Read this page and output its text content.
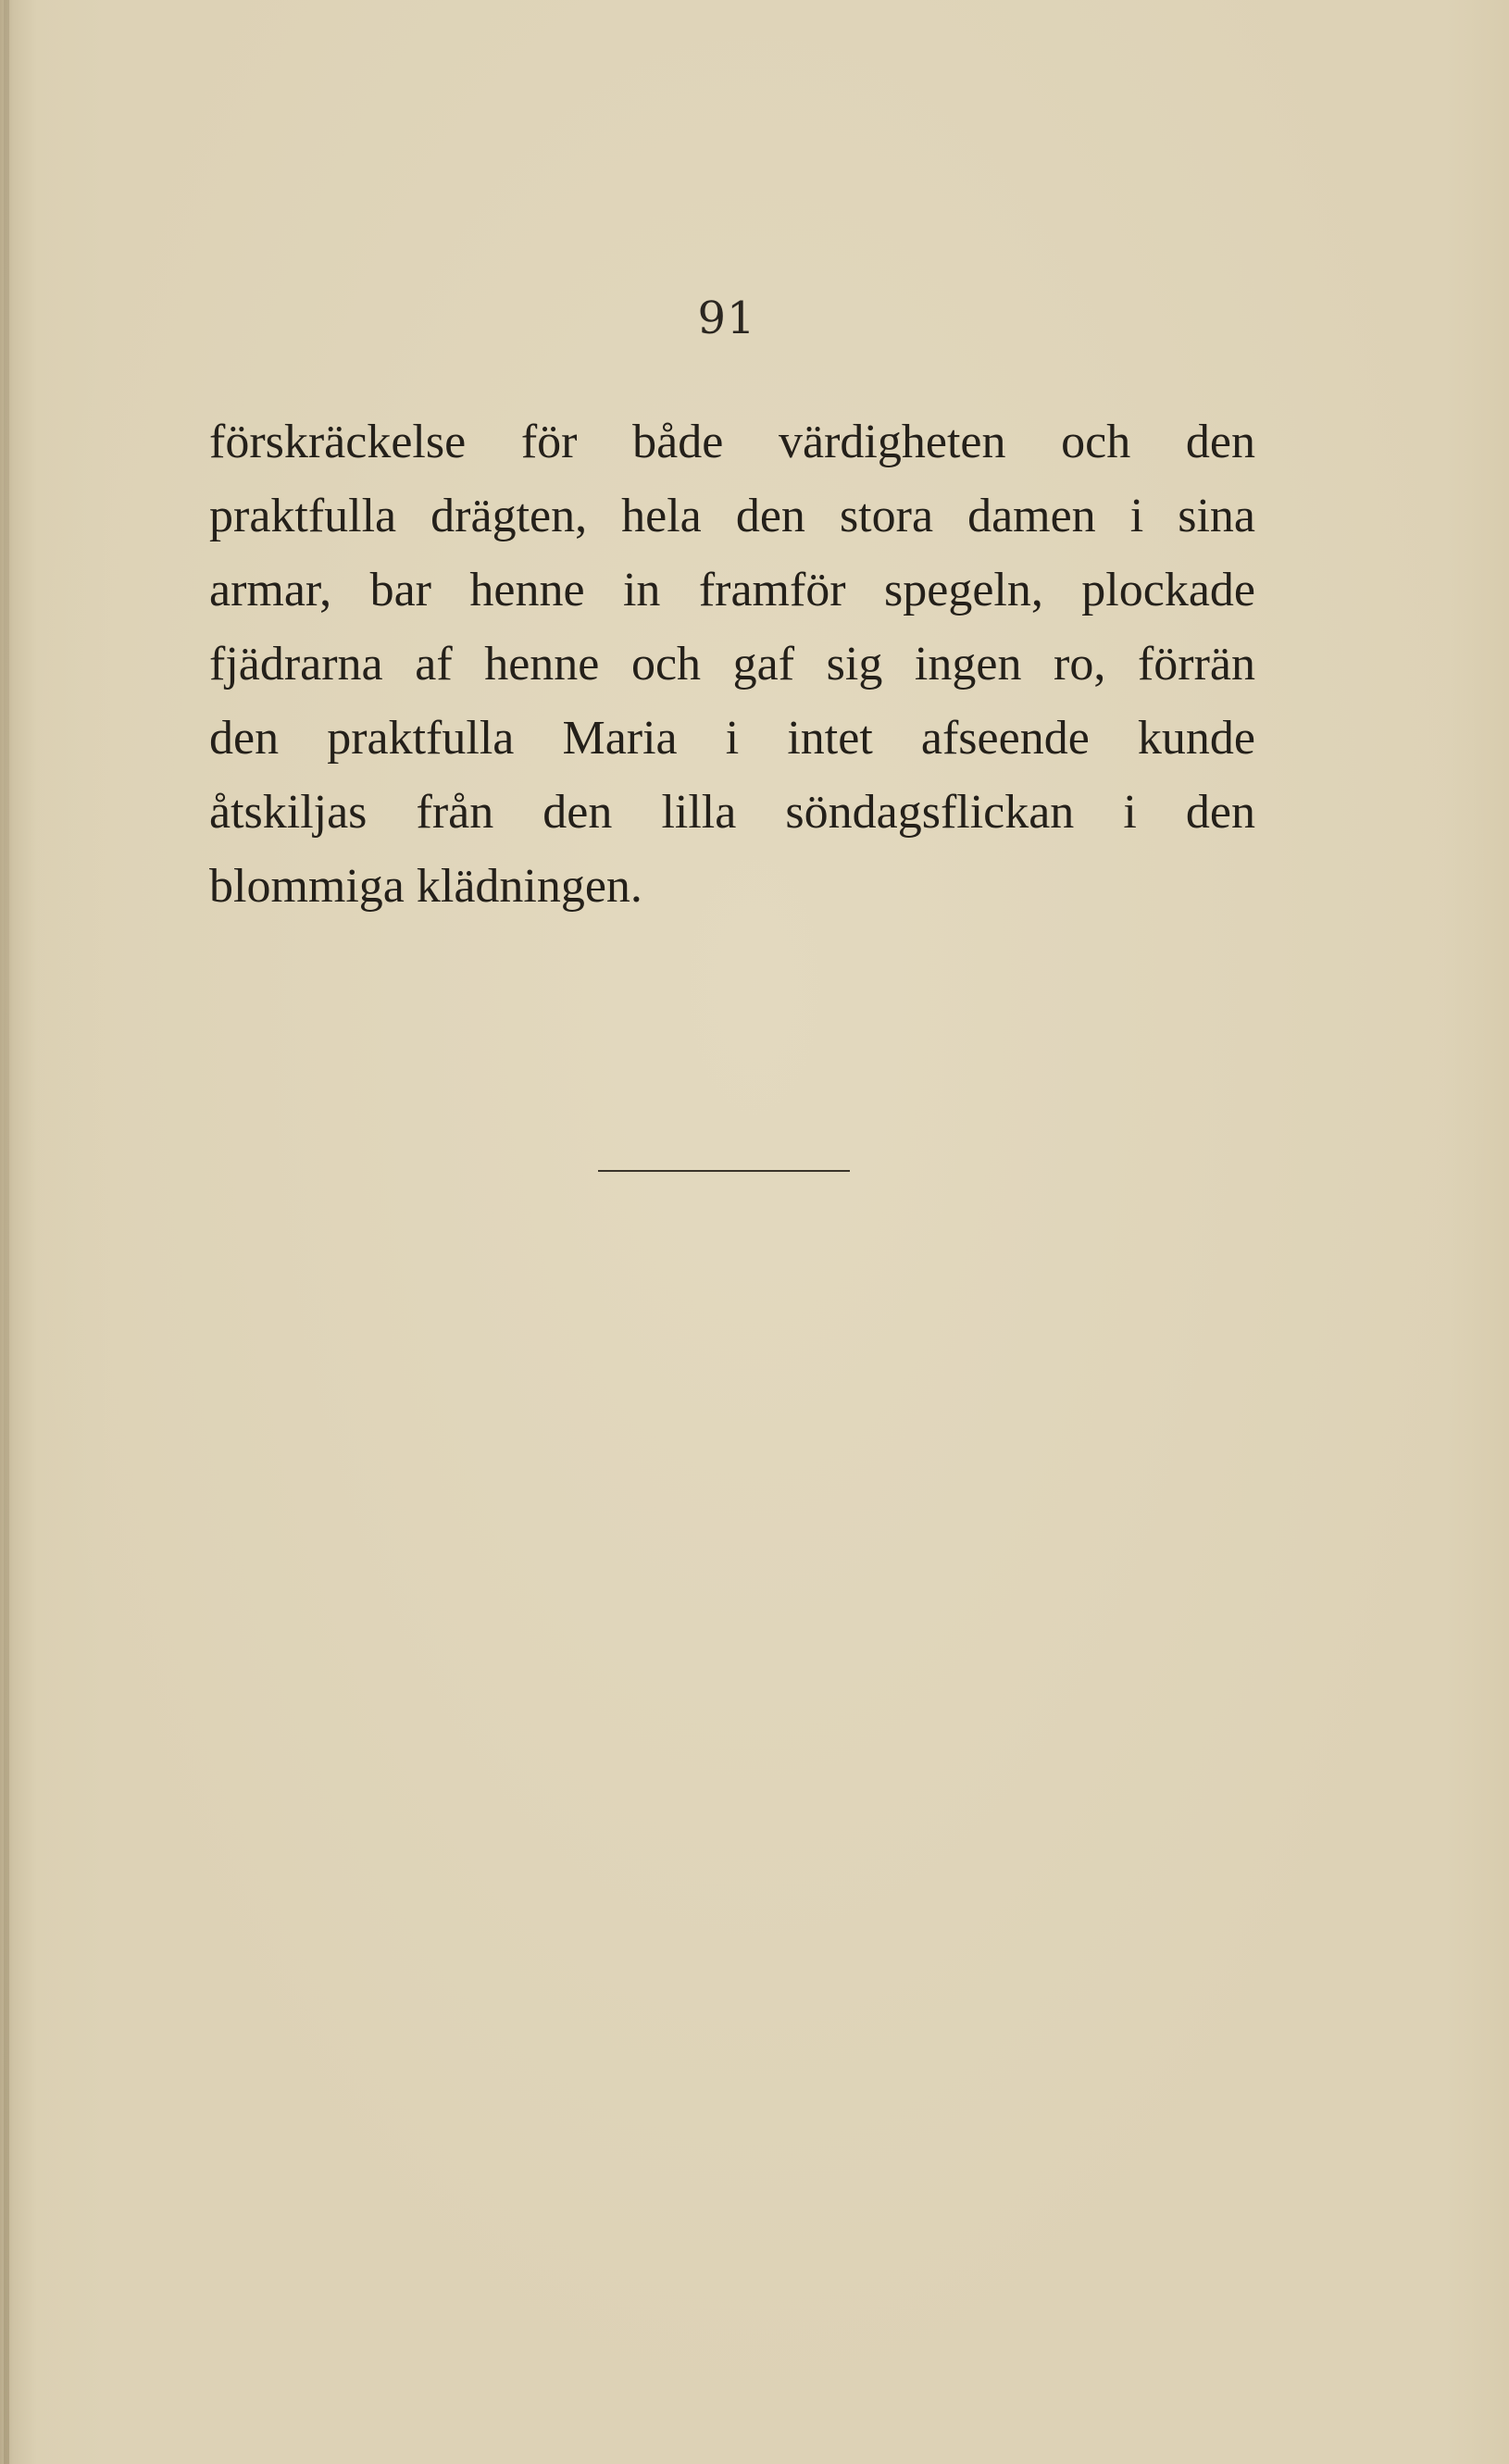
91
förskräckelse för både värdigheten och den
praktfulla drägten, hela den stora damen i sina
armar, bar henne in framför spegeln, plockade
fjädrarna af henne och gaf sig ingen ro, förrän
den praktfulla Maria i intet afseende kunde
åtskiljas från den lilla söndagsflickan i den
blommiga klädningen.
